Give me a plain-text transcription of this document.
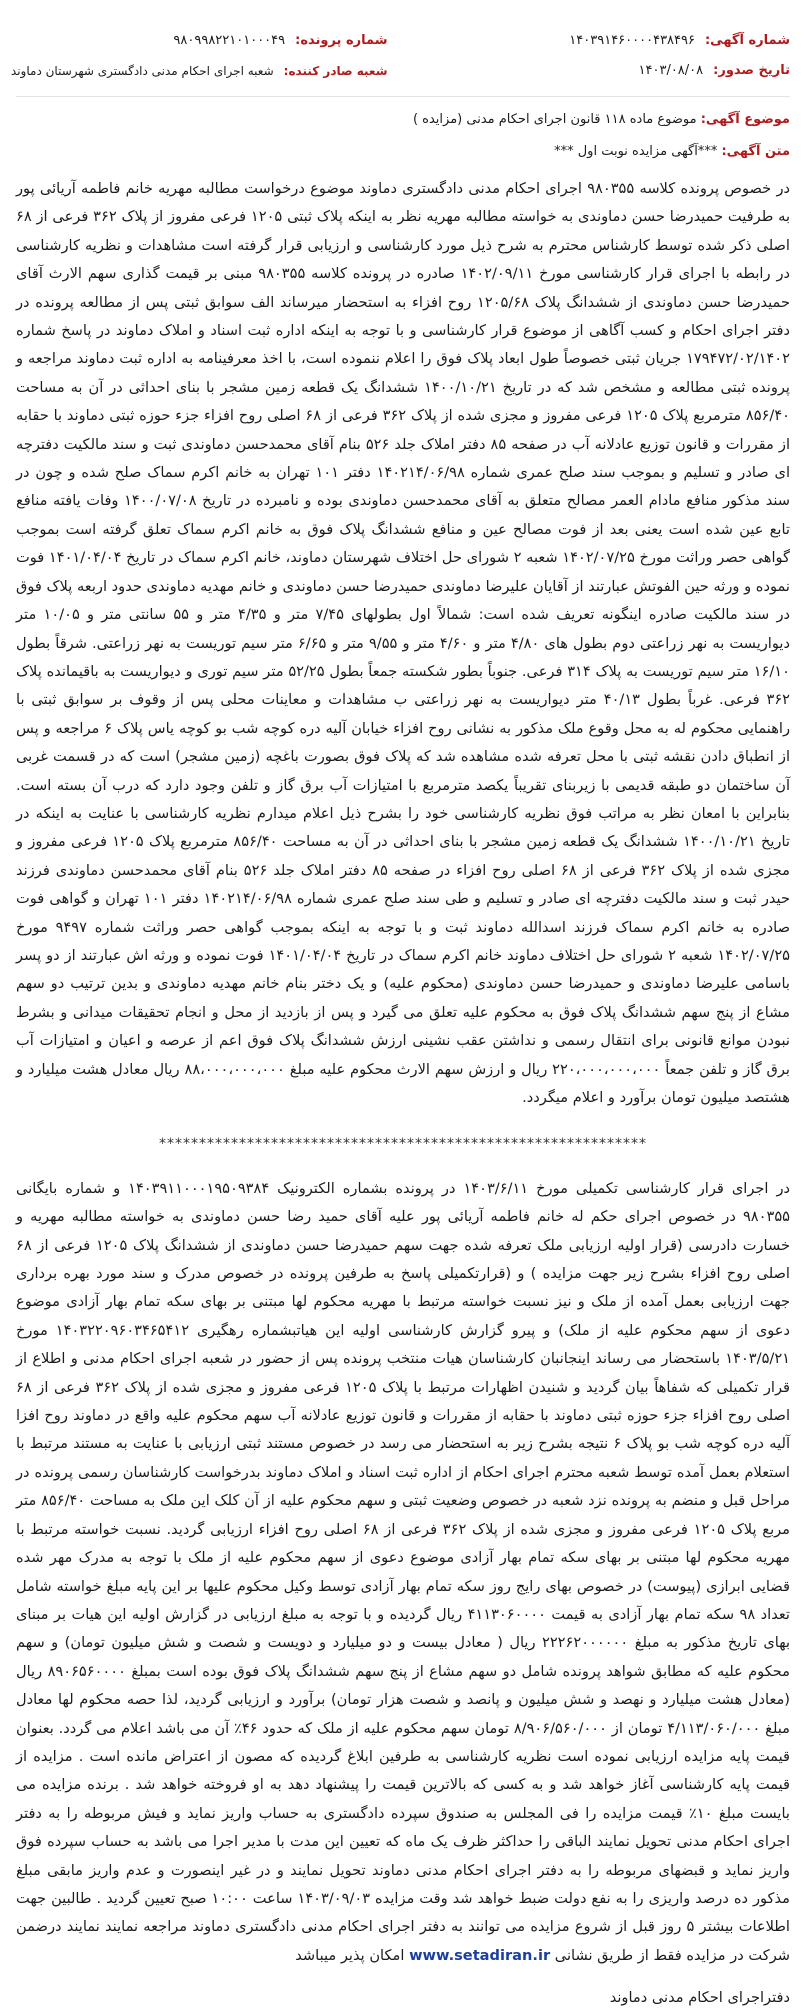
شماره آگهی:
۱۴۰۳۹۱۴۶۰۰۰۰۴۳۸۴۹۶
تاریخ صدور:
۱۴۰۳/۰۸/۰۸
شماره پرونده:
۹۸۰۹۹۸۲۲۱۰۱۰۰۰۴۹
شعبه صادر کننده:
شعبه اجرای احکام مدنی دادگستری شهرستان دماوند
موضوع آگهی: موضوع ماده ۱۱۸ قانون اجرای احکام مدنی (مزایده )
متن آگهی: ***آگهی مزایده نوبت اول ***

در خصوص پرونده کلاسه ۹۸۰۳۵۵ اجرای احکام مدنی دادگستری دماوند موضوع درخواست مطالبه مهریه خانم فاطمه آریائی پور به طرفیت حمیدرضا حسن دماوندی به خواسته مطالبه مهریه نظر به اینکه پلاک ثبتی ۱۲۰۵ فرعی مفروز از پلاک ۳۶۲ فرعی از ۶۸ اصلی ذکر شده توسط کارشناس محترم به شرح ذیل مورد کارشناسی و ارزیابی قرار گرفته است مشاهدات و نظریه کارشناسی در رابطه با اجرای قرار کارشناسی مورخ ۱۴۰۲/۰۹/۱۱ صادره در پرونده کلاسه ۹۸۰۳۵۵ مبنی بر قیمت گذاری سهم الارث آقای حمیدرضا حسن دماوندی از ششدانگ پلاک ۱۲۰۵/۶۸ روح افزاء به استحضار میرساند الف سوابق ثبتی پس از مطالعه پرونده در دفتر اجرای احکام و کسب آگاهی از موضوع قرار کارشناسی و با توجه به اینکه اداره ثبت اسناد و املاک دماوند در پاسخ شماره ۱۷۹۴۷۲/۰۲/۱۴۰۲ جریان ثبتی خصوصاً طول ابعاد پلاک فوق را اعلام ننموده است، با اخذ معرفینامه به اداره ثبت دماوند مراجعه و پرونده ثبتی مطالعه و مشخص شد که در تاریخ ۱۴۰۰/۱۰/۲۱ ششدانگ یک قطعه زمین مشجر با بنای احداثی در آن به مساحت ۸۵۶/۴۰ مترمربع پلاک ۱۲۰۵ فرعی مفروز و مجزی شده از پلاک ۳۶۲ فرعی از ۶۸ اصلی روح افزاء جزء حوزه ثبتی دماوند با حقابه از مقررات و قانون توزیع عادلانه آب در صفحه ۸۵ دفتر املاک جلد ۵۲۶ بنام آقای محمدحسن دماوندی ثبت و سند مالکیت دفترچه ای صادر و تسلیم و بموجب سند صلح عمری شماره ۱۴۰۲۱۴/۰۶/۹۸ دفتر ۱۰۱ تهران به خانم اکرم سماک صلح شده و چون در سند مذکور منافع مادام العمر مصالح متعلق به آقای محمدحسن دماوندی بوده و نامبرده در تاریخ ۱۴۰۰/۰۷/۰۸ وفات یافته منافع تابع عین شده است یعنی بعد از فوت مصالح عین و منافع ششدانگ پلاک فوق به خانم اکرم سماک تعلق گرفته است بموجب گواهی حصر وراثت مورخ ۱۴۰۲/۰۷/۲۵ شعبه ۲ شورای حل اختلاف شهرستان دماوند، خانم اکرم سماک در تاریخ ۱۴۰۱/۰۴/۰۴ فوت نموده و ورثه حین الفوتش عبارتند از آقایان علیرضا دماوندی حمیدرضا حسن دماوندی و خانم مهدیه دماوندی حدود اربعه پلاک فوق در سند مالکیت صادره اینگونه تعریف شده است: شمالاً اول بطولهای ۷/۴۵ متر و ۴/۳۵ متر و ۵۵ سانتی متر و ۱۰/۰۵ متر دیواریست به نهر زراعتی دوم بطول های ۴/۸۰ متر و ۴/۶۰ متر و ۹/۵۵ متر و ۶/۶۵ متر سیم توریست به نهر زراعتی. شرقاً بطول ۱۶/۱۰ متر سیم توریست به پلاک ۳۱۴ فرعی. جنوباً بطور شکسته جمعاً بطول ۵۲/۲۵ متر سیم توری و دیواریست به باقیمانده پلاک ۳۶۲ فرعی. غرباً بطول ۴۰/۱۳ متر دیواریست به نهر زراعتی ب مشاهدات و معاینات محلی پس از وقوف بر سوابق ثبتی با راهنمایی محکوم له به محل وقوع ملک مذکور به نشانی روح افزاء خیابان آلیه دره کوچه شب بو کوچه یاس پلاک ۶ مراجعه و پس از انطباق دادن نقشه ثبتی با محل تعرفه شده مشاهده شد که پلاک فوق بصورت باغچه (زمین مشجر) است که در قسمت غربی آن ساختمان دو طبقه قدیمی با زیربنای تقریباً یکصد مترمربع با امتیازات آب برق گاز و تلفن وجود دارد که درب آن بسته است. بنابراین با امعان نظر به مراتب فوق نظریه کارشناسی خود را بشرح ذیل اعلام میدارم نظریه کارشناسی با عنایت به اینکه در تاریخ ۱۴۰۰/۱۰/۲۱ ششدانگ یک قطعه زمین مشجر با بنای احداثی در آن به مساحت ۸۵۶/۴۰ مترمربع پلاک ۱۲۰۵ فرعی مفروز و مجزی شده از پلاک ۳۶۲ فرعی از ۶۸ اصلی روح افزاء در صفحه ۸۵ دفتر املاک جلد ۵۲۶ بنام آقای محمدحسن دماوندی فرزند حیدر ثبت و سند مالکیت دفترچه ای صادر و تسلیم و طی سند صلح عمری شماره ۱۴۰۲۱۴/۰۶/۹۸ دفتر ۱۰۱ تهران و گواهی فوت صادره به خانم اکرم سماک فرزند اسدالله دماوند ثبت و با توجه به اینکه بموجب گواهی حصر وراثت شماره ۹۴۹۷ مورخ ۱۴۰۲/۰۷/۲۵ شعبه ۲ شورای حل اختلاف دماوند خانم اکرم سماک در تاریخ ۱۴۰۱/۰۴/۰۴ فوت نموده و ورثه اش عبارتند از دو پسر باسامی علیرضا دماوندی و حمیدرضا حسن دماوندی (محکوم علیه) و یک دختر بنام خانم مهدیه دماوندی و بدین ترتیب دو سهم مشاع از پنج سهم ششدانگ پلاک فوق به محکوم علیه تعلق می گیرد و پس از بازدید از محل و انجام تحقیقات میدانی و بشرط نبودن موانع قانونی برای انتقال رسمی و نداشتن عقب نشینی ارزش ششدانگ پلاک فوق اعم از عرصه و اعیان و امتیازات آب برق گاز و تلفن جمعاً ۲۲۰،۰۰۰،۰۰۰،۰۰۰ ریال و ارزش سهم الارث محکوم علیه مبلغ ۸۸،۰۰۰،۰۰۰،۰۰۰ ریال معادل هشت میلیارد و هشتصد میلیون تومان برآورد و اعلام میگردد.

*************************************************************

در اجرای قرار کارشناسی تکمیلی مورخ ۱۴۰۳/۶/۱۱ در پرونده بشماره الکترونیک ۱۴۰۳۹۱۱۰۰۰۱۹۵۰۹۳۸۴ و شماره بایگانی ۹۸۰۳۵۵ در خصوص اجرای حکم له خانم فاطمه آریائی پور علیه آقای حمید رضا حسن دماوندی به خواسته مطالبه مهریه و خسارت دادرسی (قرار اولیه ارزیابی ملک تعرفه شده جهت سهم حمیدرضا حسن دماوندی از ششدانگ پلاک ۱۲۰۵ فرعی از ۶۸ اصلی روح افزاء بشرح زیر جهت مزایده ) و (قرارتکمیلی پاسخ به طرفین پرونده در خصوص مدرک و سند مورد بهره برداری جهت ارزیابی بعمل آمده از ملک و نیز نسبت خواسته مرتبط با مهریه محکوم لها مبتنی بر بهای سکه تمام بهار آزادی موضوع دعوی از سهم محکوم علیه از ملک) و پیرو گزارش کارشناسی اولیه این هیاتبشماره رهگیری ۱۴۰۳۲۲۰۹۶۰۳۴۶۵۴۱۲ مورخ ۱۴۰۳/۵/۲۱ باستحضار می رساند اینجانبان کارشناسان هیات منتخب پرونده پس از حضور در شعبه اجرای احکام مدنی و اطلاع از قرار تکمیلی که شفاهاً بیان گردید و شنیدن اظهارات مرتبط با پلاک ۱۲۰۵ فرعی مفروز و مجزی شده از پلاک ۳۶۲ فرعی از ۶۸ اصلی روح افزاء جزء حوزه ثبتی دماوند با حقابه از مقررات و قانون توزیع عادلانه آب سهم محکوم علیه واقع در دماوند روح افزا آلیه دره کوچه شب بو پلاک ۶ نتیجه بشرح زیر به استحضار می رسد در خصوص مستند ثبتی ارزیابی با عنایت به مستند مرتبط با استعلام بعمل آمده توسط شعبه محترم اجرای احکام از اداره ثبت اسناد و املاک دماوند بدرخواست کارشناسان رسمی پرونده در مراحل قبل و منضم به پرونده نزد شعبه در خصوص وضعیت ثبتی و سهم محکوم علیه از آن کلک این ملک به مساحت ۸۵۶/۴۰ متر مربع پلاک ۱۲۰۵ فرعی مفروز و مجزی شده از پلاک ۳۶۲ فرعی از ۶۸ اصلی روح افزاء ارزیابی گردید. نسبت خواسته مرتبط با مهریه محکوم لها مبتنی بر بهای سکه تمام بهار آزادی موضوع دعوی از سهم محکوم علیه از ملک با توجه به مدرک مهر شده قضایی ابرازی (پیوست) در خصوص بهای رایج روز سکه تمام بهار آزادی توسط وکیل محکوم علیها بر این پایه مبلغ خواسته شامل تعداد ۹۸ سکه تمام بهار آزادی به قیمت ۴۱۱۳۰۶۰۰۰۰ ریال گردیده و با توجه به مبلغ ارزیابی در گزارش اولیه این هیات بر مبنای بهای تاریخ مذکور به مبلغ ۲۲۲۶۲۰۰۰۰۰۰ ریال ( معادل بیست و دو میلیارد و دویست و شصت و شش میلیون تومان) و سهم محکوم علیه که مطابق شواهد پرونده شامل دو سهم مشاع از پنج سهم ششدانگ پلاک فوق بوده است بمبلغ ۸۹۰۶۵۶۰۰۰۰ ریال (معادل هشت میلیارد و نهصد و شش میلیون و پانصد و شصت هزار تومان) برآورد و ارزیابی گردید، لذا حصه محکوم لها معادل مبلغ ۴/۱۱۳/۰۶۰/۰۰۰ تومان از ۸/۹۰۶/۵۶۰/۰۰۰ تومان سهم محکوم علیه از ملک که حدود ۴۶٪ آن می باشد اعلام می گردد. بعنوان قیمت پایه مزایده ارزیابی نموده است نظریه کارشناسی به طرفین ابلاغ گردیده که مصون از اعتراض مانده است . مزایده از قیمت پایه کارشناسی آغاز خواهد شد و به کسی که بالاترین قیمت را پیشنهاد دهد به او فروخته خواهد شد . برنده مزایده می بایست مبلغ ۱۰٪ قیمت مزایده را فی المجلس به صندوق سپرده دادگستری به حساب واریز نماید و فیش مربوطه را به دفتر اجرای احکام مدنی تحویل نمایند الباقی را حداکثر ظرف یک ماه که تعیین این مدت با مدیر اجرا می باشد به حساب سپرده فوق واریز نماید و قبضهای مربوطه را به دفتر اجرای احکام مدنی دماوند تحویل نمایند و در غیر اینصورت و عدم واریز مابقی مبلغ مذکور ده درصد واریزی را به نفع دولت ضبط خواهد شد وقت مزایده ۱۴۰۳/۰۹/۰۳ ساعت ۱۰:۰۰ صبح تعیین گردید . طالبین جهت اطلاعات بیشتر ۵ روز قبل از شروع مزایده می توانند به دفتر اجرای احکام مدنی دادگستری دماوند مراجعه نمایند نمایند درضمن شرکت در مزایده فقط از طریق نشانی www.setadiran.ir امکان پذیر میباشد

دفتراجرای احکام مدنی دماوند
